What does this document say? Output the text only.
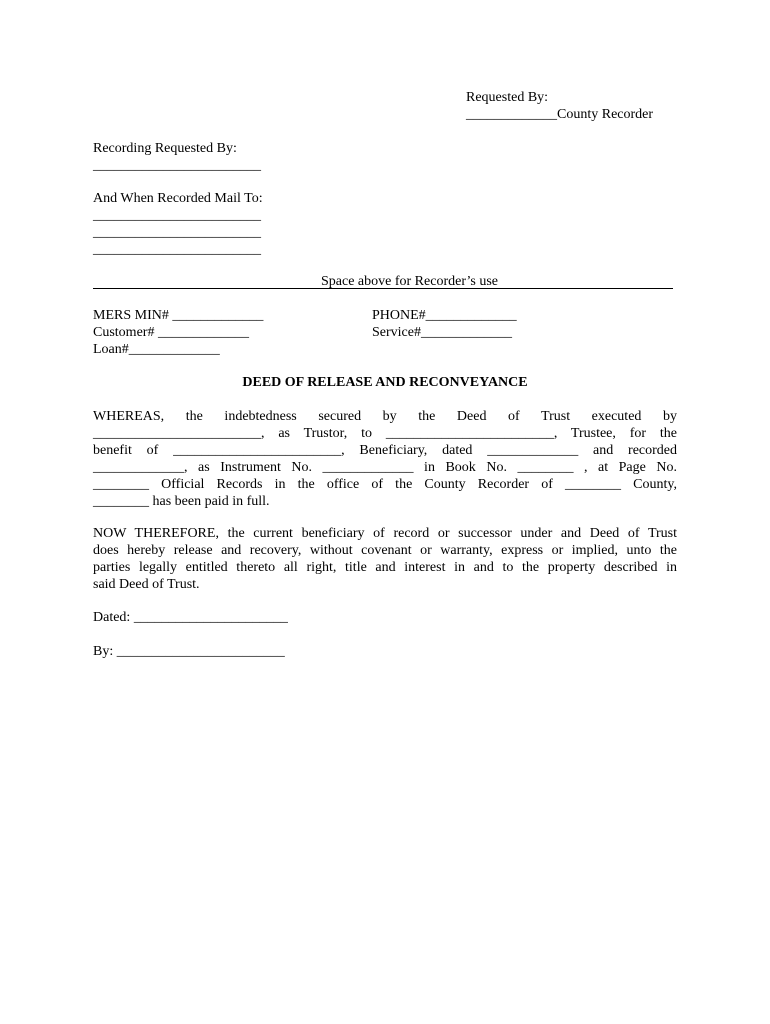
Requested By:
_____________County Recorder
Recording Requested By:
________________________
And When Recorded Mail To:
________________________
________________________
________________________
Space above for Recorder’s use
MERS MIN# _____________
Customer# _____________
Loan#_____________
PHONE#_____________
Service#_____________
DEED OF RELEASE AND RECONVEYANCE
WHEREAS, the indebtedness secured by the Deed of Trust executed by
________________________, as Trustor, to ________________________, Trustee, for the
benefit of ________________________, Beneficiary, dated _____________ and recorded
_____________, as Instrument No. _____________ in Book No. ________ , at Page No.
________ Official Records in the office of the County Recorder of ________ County,
________ has been paid in full.
NOW THEREFORE, the current beneficiary of record or successor under and Deed of Trust
does hereby release and recovery, without covenant or warranty, express or implied, unto the
parties legally entitled thereto all right, title and interest in and to the property described in
said Deed of Trust.
Dated: ______________________
By: ________________________
